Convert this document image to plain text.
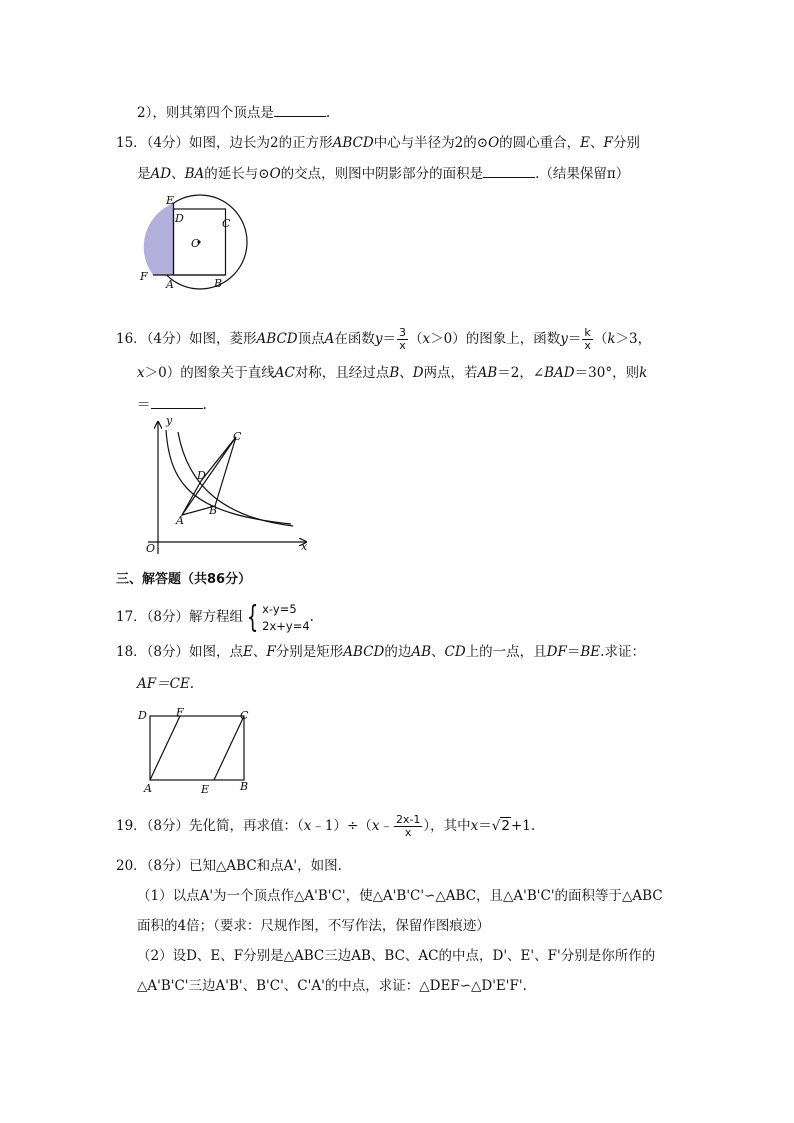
2），则其第四个顶点是	.
15．（4分）如图，边长为2的正方形ABCD中心与半径为2的⊙O的圆心重合，E、F分别
是AD、BA的延长与⊙O的交点，则图中阴影部分的面积是	.（结果保留π）
E
D	C
O
F
A	B
16．（4分）如图，菱形ABCD顶点A在函数$y= \frac{3}{x} (x>0)$的图象上，函数$y= \frac{k}{x} (k>3$，
x＞0）的图象关于直线AC对称，且经过点B、D两点，若AB＝2，∠BAD＝30°，则k
＝	.
y
D
C
B
A
O	x
三、解答题（共86分）
17．（8分）解方程组 { x-y=5
2x+y=4
.
18．（8分）如图，点E、F分别是矩形ABCD的边AB、CD上的一点，且DF＝BE.求证：
AF＝CE.
D	F	C
A	E	B
19．（8分）先化简，再求值：（x﹣1）÷（x﹣ $\frac{2x-1}{x}$ ），其中x＝√2+1.
20．（8分）已知△ABC和点A'，如图.
（1）以点A'为一个顶点作△A'B'C'，使△A'B'C'∽△ABC，且△A'B'C'的面积等于△ABC
面积的4倍；（要求：尺规作图，不写作法，保留作图痕迹）
（2）设D、E、F分别是△ABC三边AB、BC、AC的中点，D'、E'、F'分别是你所作的
△A'B'C'三边A'B'、B'C'、C'A'的中点，求证：△DEF∽△D'E'F'.
